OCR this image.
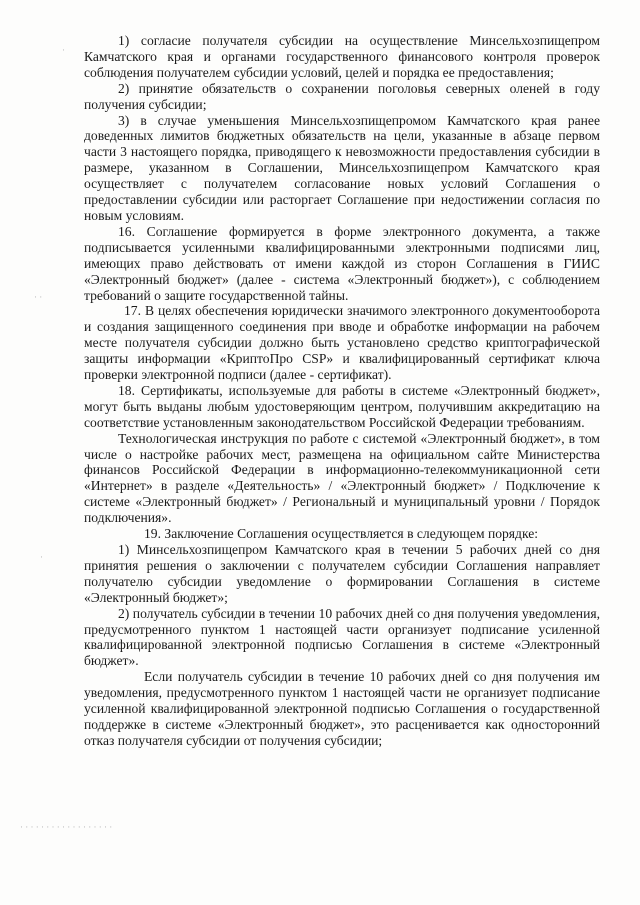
1) согласие получателя субсидии на осуществление Минсельхозпищепром Камчатского края и органами государственного финансового контроля проверок соблюдения получателем субсидии условий, целей и порядка ее предоставления;

2) принятие обязательств о сохранении поголовья северных оленей в году получения субсидии;

3) в случае уменьшения Минсельхозпищепромом Камчатского края ранее доведенных лимитов бюджетных обязательств на цели, указанные в абзаце первом части 3 настоящего порядка, приводящего к невозможности предоставления субсидии в размере, указанном в Соглашении, Минсельхозпищепром Камчатского края осуществляет с получателем согласование новых условий Соглашения о предоставлении субсидии или расторгает Соглашение при недостижении согласия по новым условиям.

16. Соглашение формируется в форме электронного документа, а также подписывается усиленными квалифицированными электронными подписями лиц, имеющих право действовать от имени каждой из сторон Соглашения в ГИИС «Электронный бюджет» (далее - система «Электронный бюджет»), с соблюдением требований о защите государственной тайны.

17. В целях обеспечения юридически значимого электронного документооборота и создания защищенного соединения при вводе и обработке информации на рабочем месте получателя субсидии должно быть установлено средство криптографической защиты информации «КриптоПро CSP» и квалифицированный сертификат ключа проверки электронной подписи (далее - сертификат).

18. Сертификаты, используемые для работы в системе «Электронный бюджет», могут быть выданы любым удостоверяющим центром, получившим аккредитацию на соответствие установленным законодательством Российской Федерации требованиям.

Технологическая инструкция по работе с системой «Электронный бюджет», в том числе о настройке рабочих мест, размещена на официальном сайте Министерства финансов Российской Федерации в информационно-телекоммуникационной сети «Интернет» в разделе «Деятельность» / «Электронный бюджет» / Подключение к системе «Электронный бюджет» / Региональный и муниципальный уровни / Порядок подключения».

19. Заключение Соглашения осуществляется в следующем порядке:

1) Минсельхозпищепром Камчатского края в течении 5 рабочих дней со дня принятия решения о заключении с получателем субсидии Соглашения направляет получателю субсидии уведомление о формировании Соглашения в системе «Электронный бюджет»;

2) получатель субсидии в течении 10 рабочих дней со дня получения уведомления, предусмотренного пунктом 1 настоящей части организует подписание усиленной квалифицированной электронной подписью Соглашения в системе «Электронный бюджет».

Если получатель субсидии в течение 10 рабочих дней со дня получения им уведомления, предусмотренного пунктом 1 настоящей части не организует подписание усиленной квалифицированной электронной подписью Соглашения о государственной поддержке в системе «Электронный бюджет», это расценивается как односторонний отказ получателя субсидии от получения субсидии;

·
· ·
·
· · · · · · · · · · · · · · · · · ·
